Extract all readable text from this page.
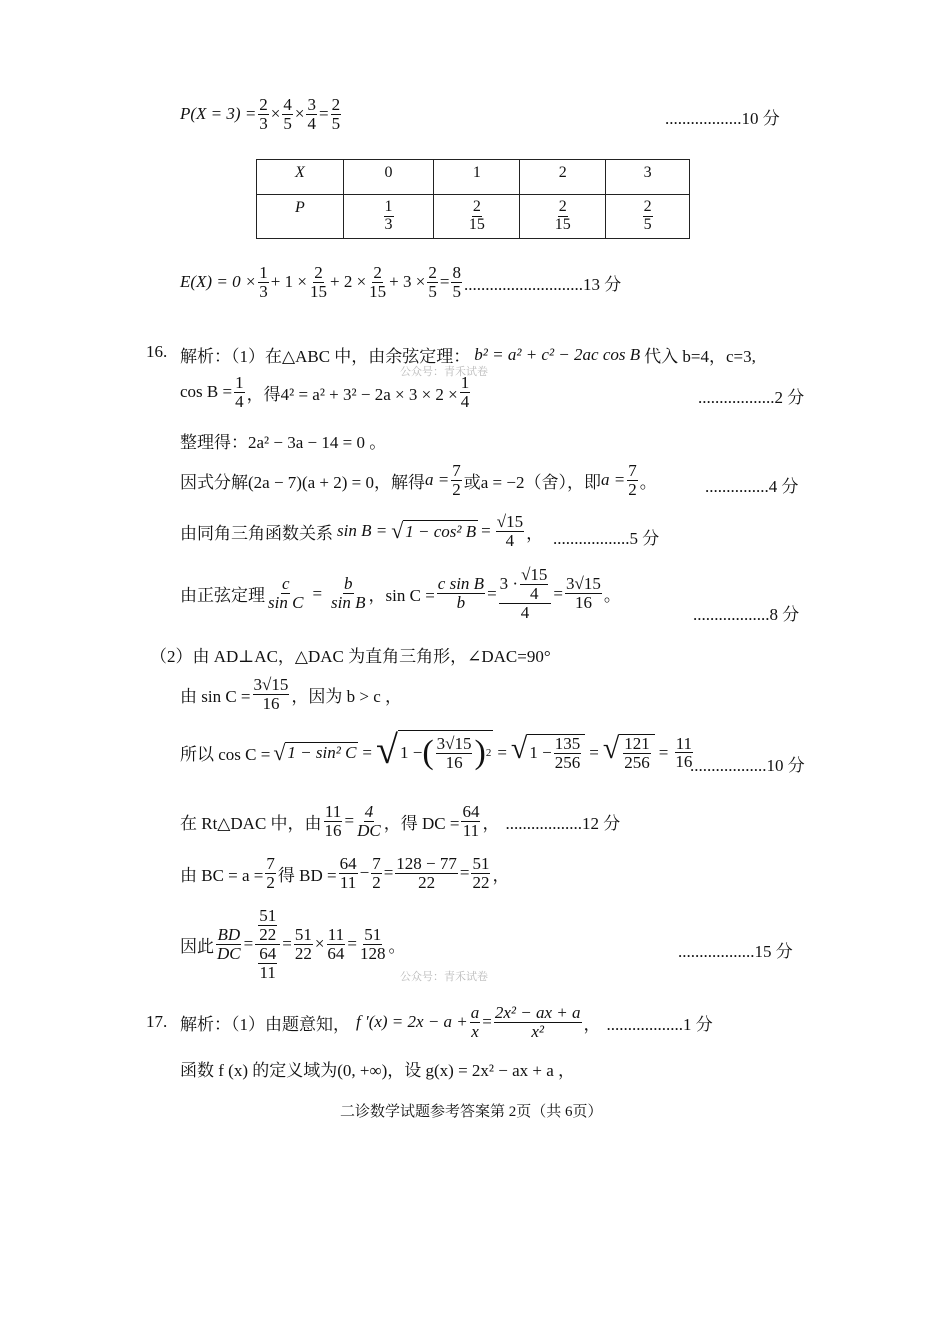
$P(X = 3) = \frac{2}{3} \times \frac{4}{5} \times \frac{3}{4} = \frac{2}{5}$	..................10 分
X	0	1	2	3
P	$\frac{1}{3}$	$\frac{2}{15}$	$\frac{2}{15}$	$\frac{2}{5}$
$E(X) = 0 \times \frac{1}{3} + 1 \times \frac{2}{15} + 2 \times \frac{2}{15} + 3 \times \frac{2}{5} = \frac{8}{5} ............................13$ 分
16. 解析：（1）在△ABC 中，由余弦定理： b² = a² + c² − 2ac cos B 代入 b=4，c=3,
公众号：青禾试卷
$\cos B = \frac{1}{4}$ ，得$4^2 = a^2 + 3^2 - 2a \times 3 \times 2 \times \frac{1}{4}$	..................2 分
整理得：2a² − 3a − 14 = 0 。
因式分解(2a − 7)(a + 2) = 0，解得 $a = \frac{7}{2}$ 或a = −2（舍），即 $a = \frac{7}{2}$ 。	...............4 分
由同角三角函数关系 sin B = √ 1 − cos² $B = \frac{√15}{4}$ ， ..................5 分
由正弦定理 $\frac{c}{\text{sin C}} = \frac{b}{\text{sin B}}$ ，$\sin C = \frac{\text{c sin B}}{b} = \frac{3 \cdot \frac{√15}{4}}{4} = \frac{3√15}{16}$ 。
..................8 分
（2）由 AD⊥AC，△DAC 为直角三角形，∠DAC=90°
由 $\sin C = \frac{3√15}{16}$ ，因为 b > c ，
所以 cos C = √ 1 − sin² C = √ 1 − ( $\frac{3√15}{16}$ ) 2 = √ $1 - \frac{135}{256}$ = √ $\frac{121}{256} = \frac{11}{16}$
..................10 分
在 Rt△DAC 中，由 $\frac{11}{16} = \frac{4}{DC}$ ，得 DC = $\frac{64}{11}$ ， ..................12 分
由 BC = $a = \frac{7}{2}$ 得 BD = $\frac{64}{11} - \frac{7}{2} = \frac{128 - 77}{22} = \frac{51}{22}$ ，
因此 $\frac{BD}{DC} = \frac{\frac{51}{22}}{\frac{64}{11}} = \frac{51}{22} \times \frac{11}{64} = \frac{51}{128}$ 。	..................15 分
公众号：青禾试卷
17. 解析：（1）由题意知， f $'(x) = 2x - a + \frac{a}{x} = \frac{\text{2x² − ax + a}}{\text{x²}}$ ， ..................1 分
函数 f (x) 的定义域为(0, +∞)，设 g(x) = 2x² − ax + a ，
二诊数学试题参考答案第 2页（共 6页）
